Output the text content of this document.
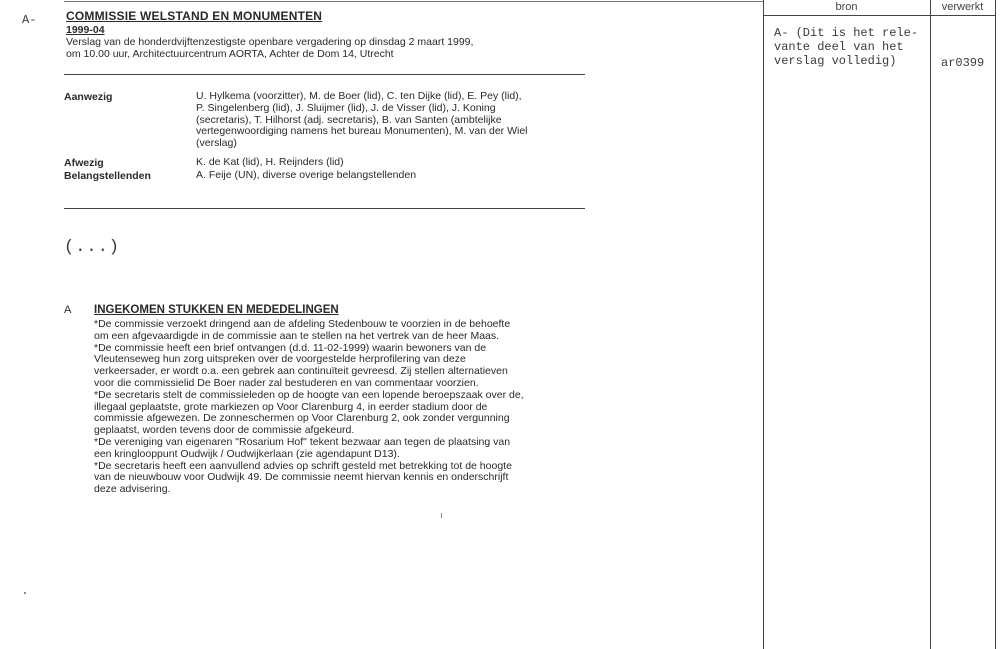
A- COMMISSIE WELSTAND EN MONUMENTEN
1999-04
Verslag van de honderdvijftenzestigste openbare vergadering op dinsdag 2 maart 1999,
om 10.00 uur, Architectuurcentrum AORTA, Achter de Dom 14, Utrecht
Aanwezig	U. Hylkema (voorzitter), M. de Boer (lid), C. ten Dijke (lid), E. Pey (lid),
P. Singelenberg (lid), J. Sluijmer (lid), J. de Visser (lid), J. Koning
(secretaris), T. Hilhorst (adj. secretaris), B. van Santen (ambtelijke
vertegenwoordiging namens het bureau Monumenten), M. van der Wiel
(verslag)
Afwezig	K. de Kat (lid), H. Reijnders (lid)
Belangstellenden	A. Feije (UN), diverse overige belangstellenden
(...)
A INGEKOMEN STUKKEN EN MEDEDELINGEN
*De commissie verzoekt dringend aan de afdeling Stedenbouw te voorzien in de behoefte
om een afgevaardigde in de commissie aan te stellen na het vertrek van de heer Maas.
*De commissie heeft een brief ontvangen (d.d. 11-02-1999) waarin bewoners van de
Vleutenseweg hun zorg uitspreken over de voorgestelde herprofilering van deze
verkeersader, er wordt o.a. een gebrek aan continuïteit gevreesd. Zij stellen alternatieven
voor die commissielid De Boer nader zal bestuderen en van commentaar voorzien.
*De secretaris stelt de commissieleden op de hoogte van een lopende beroepszaak over de,
illegaal geplaatste, grote markiezen op Voor Clarenburg 4, in eerder stadium door de
commissie afgewezen. De zonneschermen op Voor Clarenburg 2, ook zonder vergunning
geplaatst, worden tevens door de commissie afgekeurd.
*De vereniging van eigenaren "Rosarium Hof" tekent bezwaar aan tegen de plaatsing van
een kringlooppunt Oudwijk / Oudwijkerlaan (zie agendapunt D13).
*De secretaris heeft een aanvullend advies op schrift gesteld met betrekking tot de hoogte
van de nieuwbouw voor Oudwijk 49. De commissie neemt hiervan kennis en onderschrijft
deze advisering.
bron	verwerkt
A- (Dit is het rele-
vante deel van het
verslag volledig)	ar0399
